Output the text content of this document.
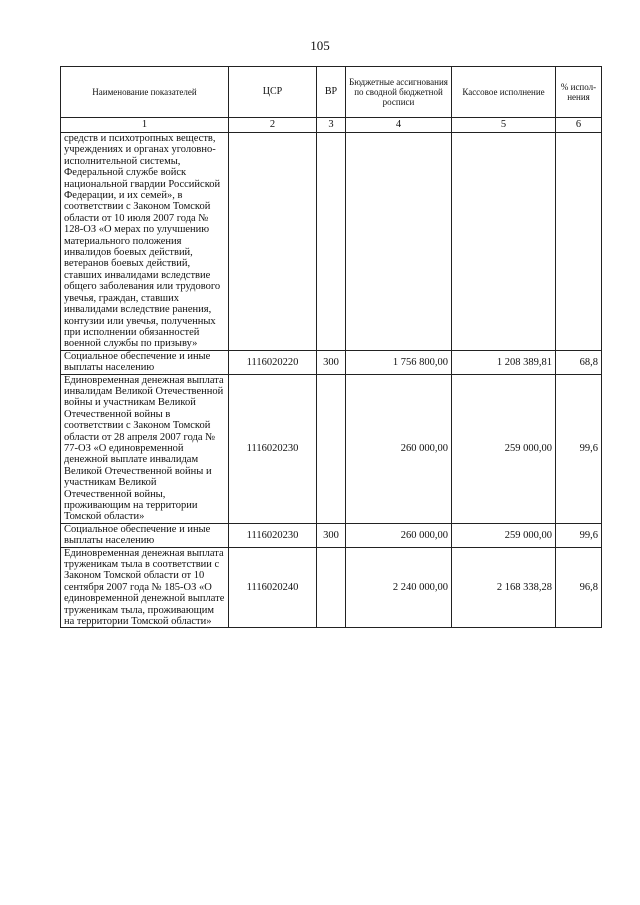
105
Наименование показателей	ЦСР	ВР	Бюджетные ассигнования по сводной бюджетной росписи	Кассовое исполнение	% испол-нения
1	2	3	4	5	6
средств и психотропных веществ, учреждениях и органах уголовно-исполнительной системы, Федеральной службе войск национальной гвардии Российской Федерации, и их семей», в соответствии с Законом Томской области от 10 июля 2007 года № 128-ОЗ «О мерах по улучшению материального положения инвалидов боевых действий, ветеранов боевых действий, ставших инвалидами вследствие общего заболевания или трудового увечья, граждан, ставших инвалидами вследствие ранения, контузии или увечья, полученных при исполнении обязанностей военной службы по призыву»					
Социальное обеспечение и иные выплаты населению	1116020220	300	1 756 800,00	1 208 389,81	68,8
Единовременная денежная выплата инвалидам Великой Отечественной войны и участникам Великой Отечественной войны в соответствии с Законом Томской области от 28 апреля 2007 года № 77-ОЗ «О единовременной денежной выплате инвалидам Великой Отечественной войны и участникам Великой Отечественной войны, проживающим на территории Томской области»	1116020230		260 000,00	259 000,00	99,6
Социальное обеспечение и иные выплаты населению	1116020230	300	260 000,00	259 000,00	99,6
Единовременная денежная выплата труженикам тыла в соответствии с Законом Томской области от 10 сентября 2007 года № 185-ОЗ «О единовременной денежной выплате труженикам тыла, проживающим на территории Томской области»	1116020240		2 240 000,00	2 168 338,28	96,8
